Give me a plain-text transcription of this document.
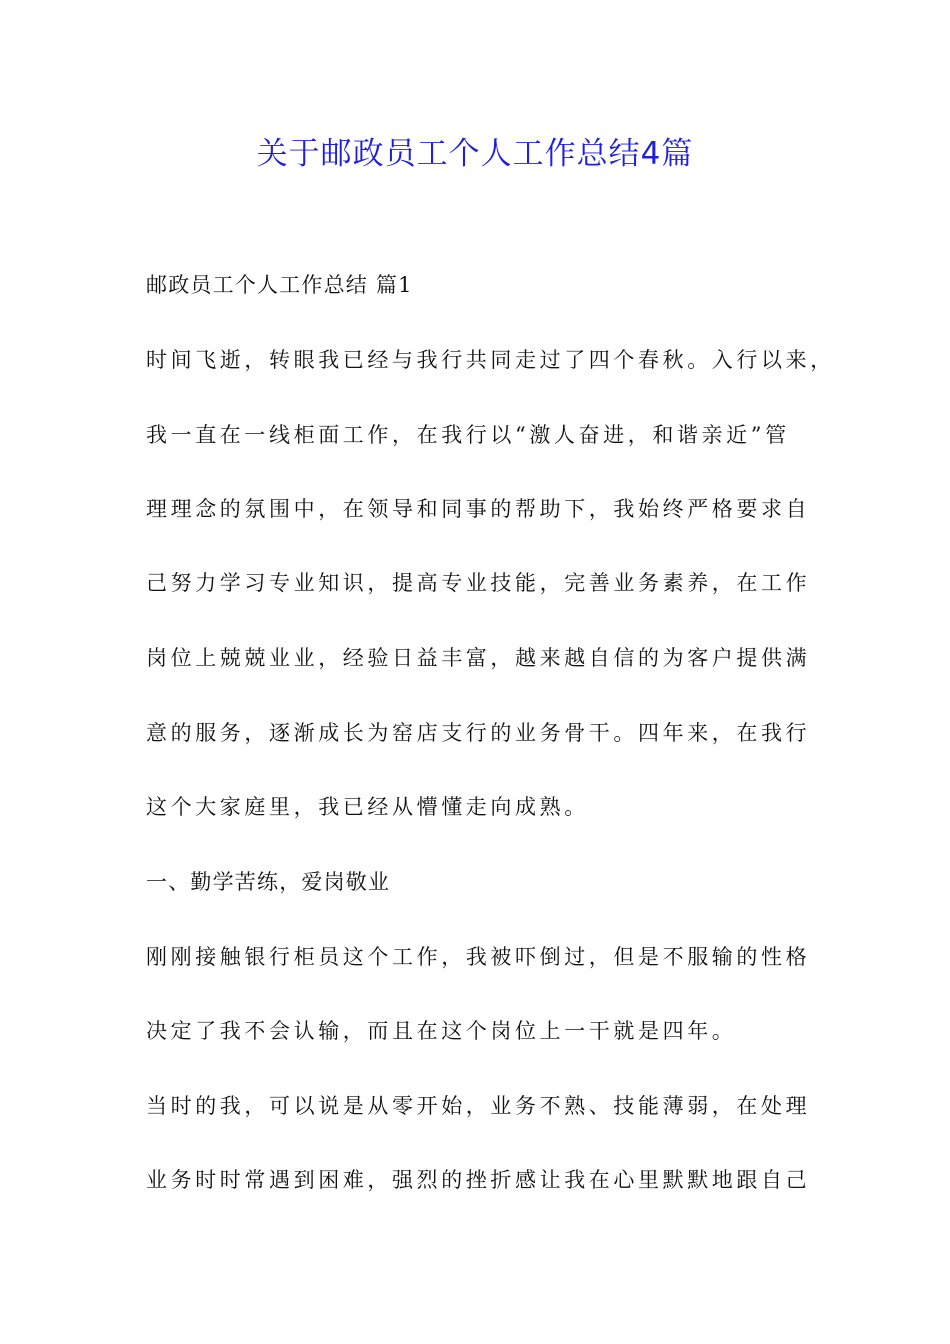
关于邮政员工个人工作总结4篇
邮政员工个人工作总结 篇1
时间飞逝，转眼我已经与我行共同走过了四个春秋。入行以来，
我一直在一线柜面工作，在我行以“激人奋进，和谐亲近”管
理理念的氛围中，在领导和同事的帮助下，我始终严格要求自
己努力学习专业知识，提高专业技能，完善业务素养，在工作
岗位上兢兢业业，经验日益丰富，越来越自信的为客户提供满
意的服务，逐渐成长为窑店支行的业务骨干。四年来，在我行
这个大家庭里，我已经从懵懂走向成熟。
一、勤学苦练，爱岗敬业
刚刚接触银行柜员这个工作，我被吓倒过，但是不服输的性格
决定了我不会认输，而且在这个岗位上一干就是四年。
当时的我，可以说是从零开始，业务不熟、技能薄弱，在处理
业务时时常遇到困难，强烈的挫折感让我在心里默默地跟自己
